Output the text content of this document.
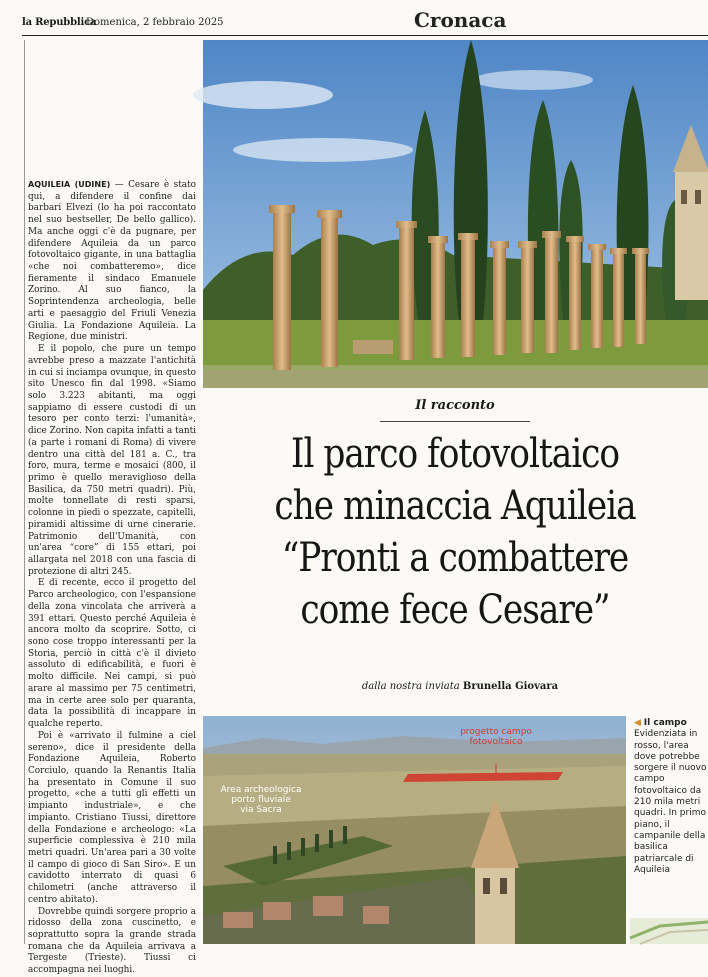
la Repubblica
Domenica, 2 febbraio 2025	Cronaca

AQUILEIA (UDINE) — Cesare è stato qui, a difendere il confine dai barbari Elvezi (lo ha poi raccontato nel suo bestseller, De bello gallico). Ma anche oggi c'è da pugnare, per difendere Aquileia da un parco fotovoltaico gigante, in una battaglia «che noi combatteremo», dice fieramente il sindaco Emanuele Zorino. Al suo fianco, la Soprintendenza archeologia, belle arti e paesaggio del Friuli Venezia Giulia. La Fondazione Aquileia. La Regione, due ministri.

E il popolo, che pure un tempo avrebbe preso a mazzate l'antichità in cui si inciampa ovunque, in questo sito Unesco fin dal 1998. «Siamo solo 3.223 abitanti, ma oggi sappiamo di essere custodi di un tesoro per conto terzi: l'umanità», dice Zorino. Non capita infatti a tanti (a parte i romani di Roma) di vivere dentro una città del 181 a. C., tra foro, mura, terme e mosaici (800, il primo è quello meraviglioso della Basilica, da 750 metri quadri). Più, molte tonnellate di resti sparsi, colonne in piedi o spezzate, capitelli, piramidi altissime di urne cinerarie. Patrimonio dell'Umanità, con un'area “core” di 155 ettari, poi allargata nel 2018 con una fascia di protezione di altri 245.

E di recente, ecco il progetto del Parco archeologico, con l'espansione della zona vincolata che arriverà a 391 ettari. Questo perché Aquileia è ancora molto da scoprire. Sotto, ci sono cose troppo interessanti per la Storia, perciò in città c'è il divieto assoluto di edificabilità, e fuori è molto difficile. Nei campi, si può arare al massimo per 75 centimetri, ma in certe aree solo per quaranta, data la possibilità di incappare in qualche reperto.

Poi è «arrivato il fulmine a ciel sereno», dice il presidente della Fondazione Aquileia, Roberto Corciulo, quando la Renantis Italia ha presentato in Comune il suo progetto, «che a tutti gli effetti un impianto industriale», e che impianto. Cristiano Tiussi, direttore della Fondazione e archeologo: «La superficie complessiva è 210 mila metri quadri. Un'area pari a 30 volte il campo di gioco di San Siro». E un cavidotto interrato di quasi 6 chilometri (anche attraverso il centro abitato).

Dovrebbe quindi sorgere proprio a ridosso della zona cuscinetto, e soprattutto sopra la grande strada romana che da Aquileia arrivava a Tergeste (Trieste). Tiussi ci accompagna nei luoghi.

Il racconto
Il parco fotovoltaico
che minaccia Aquileia
“Pronti a combattere
come fece Cesare”
dalla nostra inviata Brunella Giovara
progetto campo
fotovoltaico
Area archeologica
porto fluviale
via Sacra
◀ Il campo Evidenziata in rosso, l'area dove potrebbe sorgere il nuovo campo fotovoltaico da 210 mila metri quadri. In primo piano, il campanile della basilica patriarcale di Aquileia
